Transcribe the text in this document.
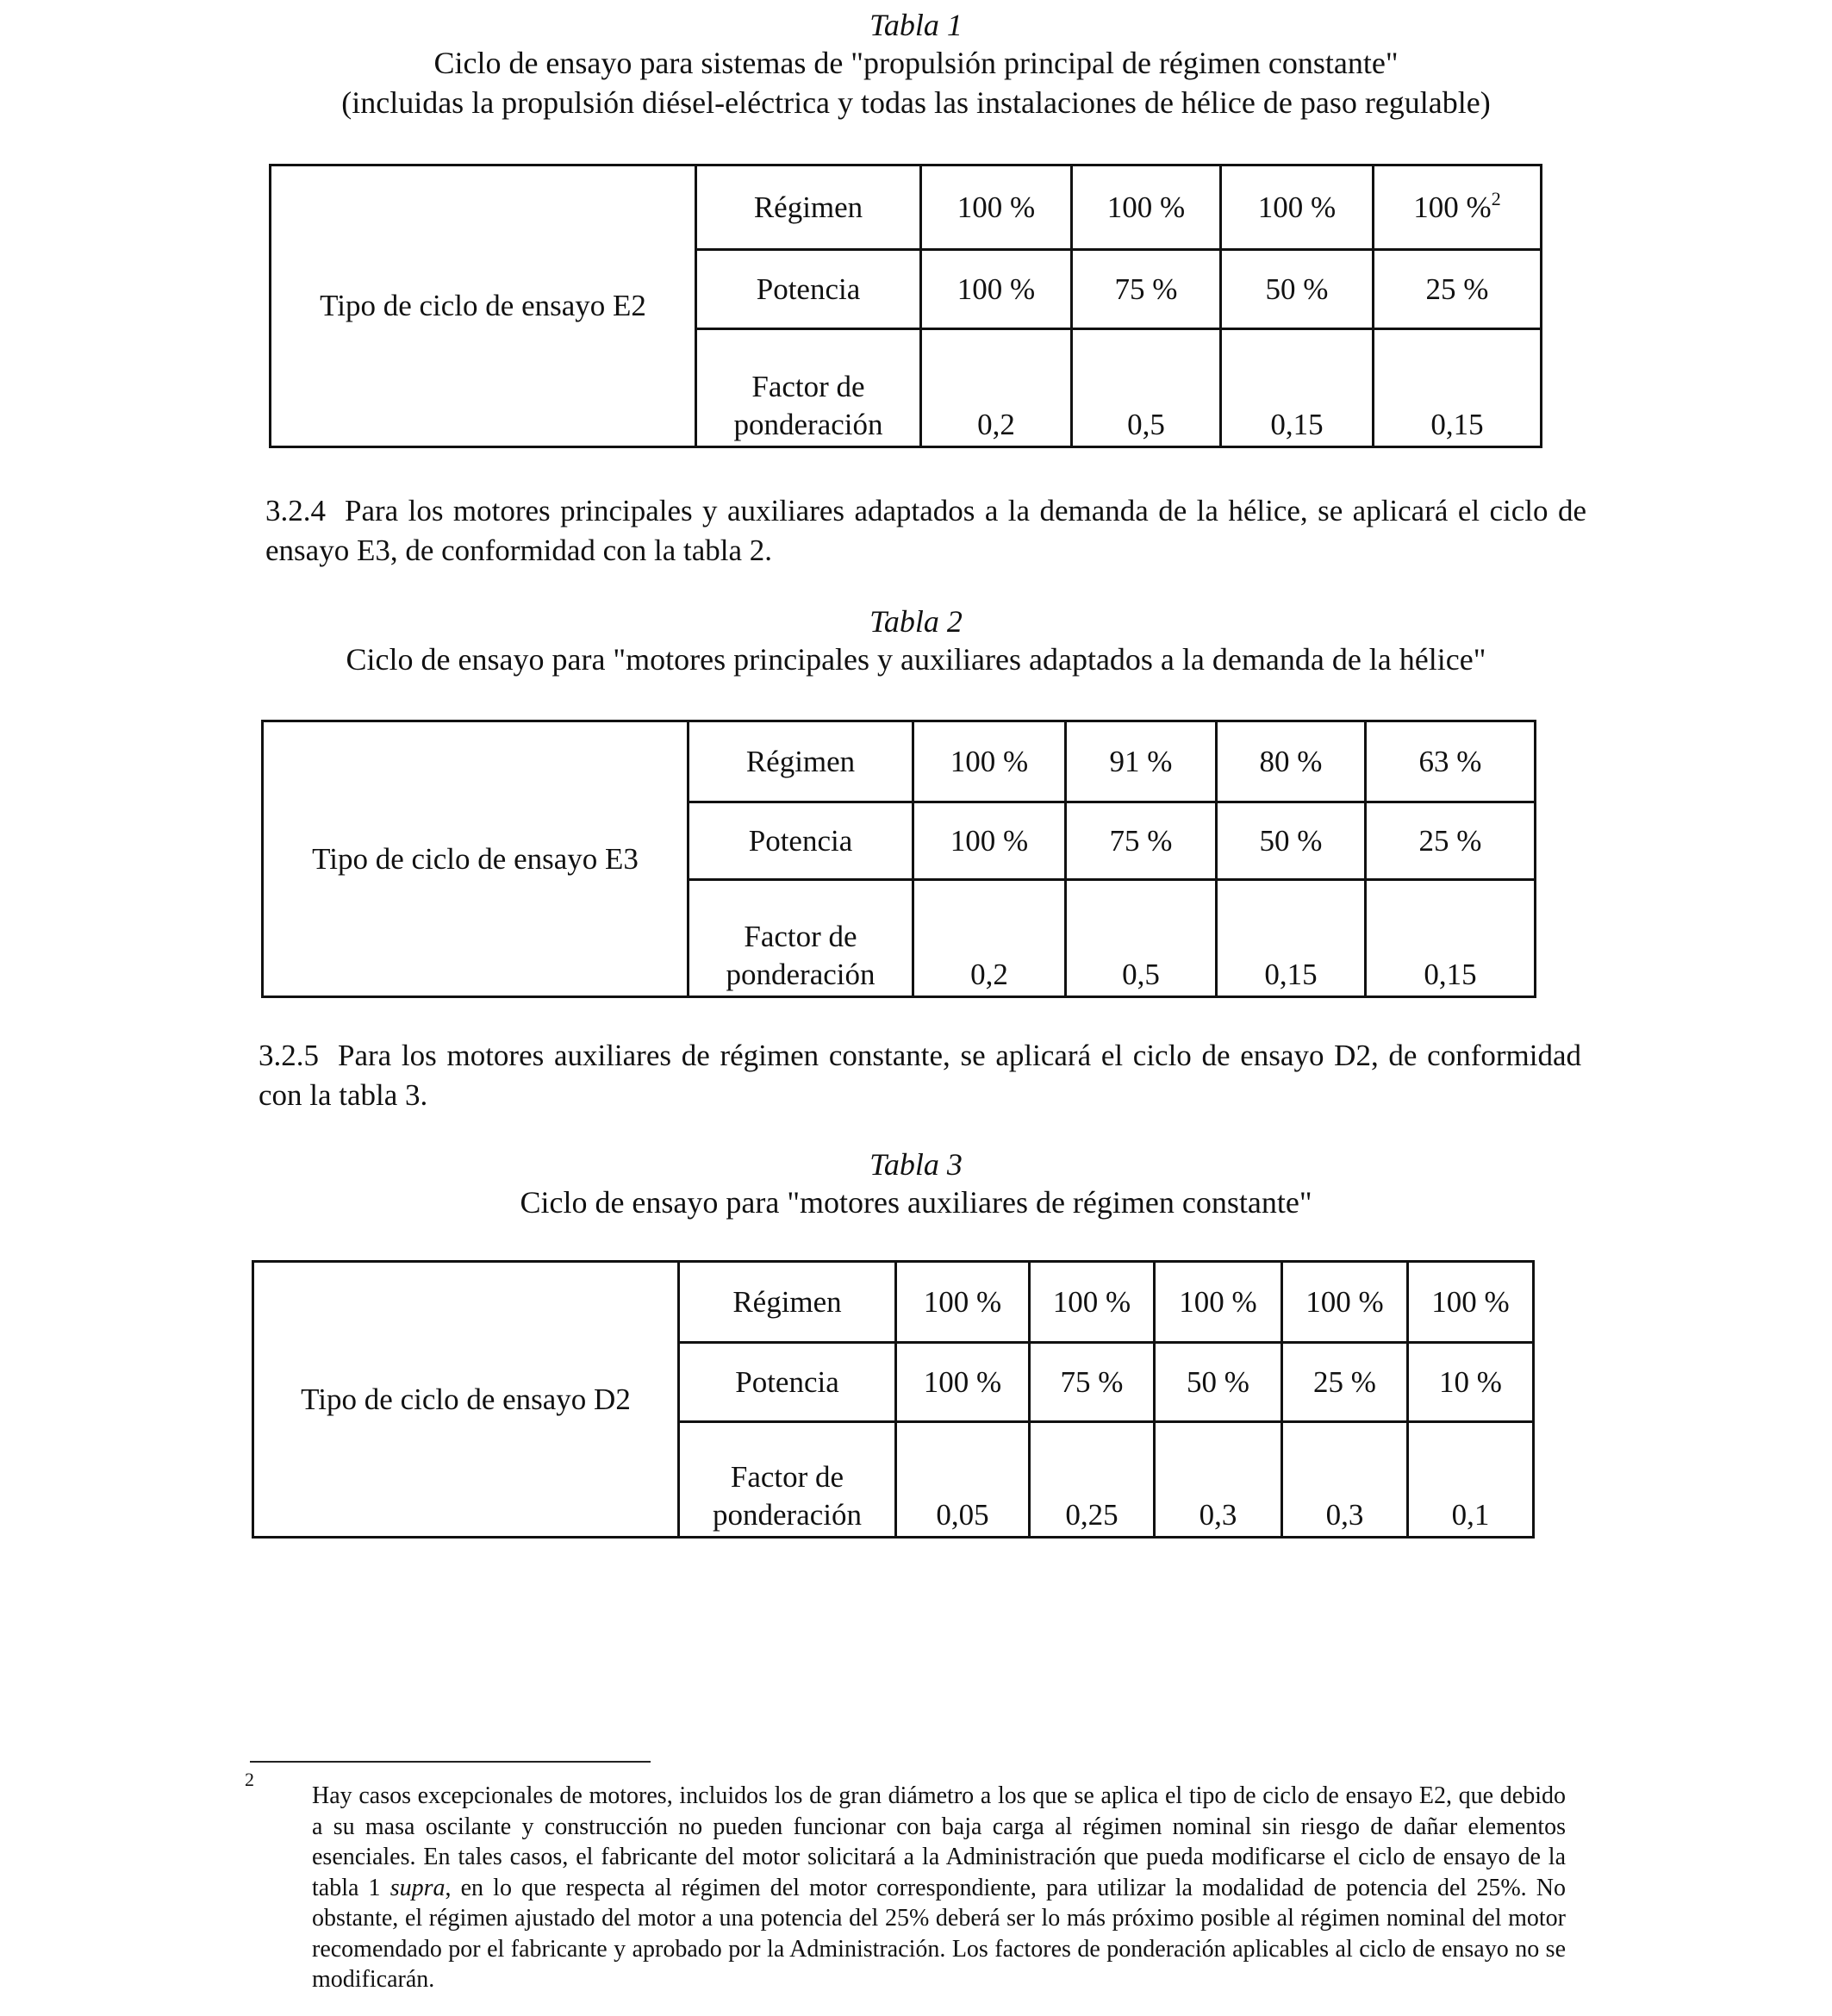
Tabla 1
Ciclo de ensayo para sistemas de "propulsión principal de régimen constante"
(incluidas la propulsión diésel-eléctrica y todas las instalaciones de hélice de paso regulable)
Tipo de ciclo de ensayo E2	Régimen	100 %	100 %	100 %	100 %$^2$
	Potencia	100 %	75 %	50 %	25 %

	Factor de
ponderación	0,2	0,5	0,15	0,15

3.2.4 Para los motores principales y auxiliares adaptados a la demanda de la hélice, se aplicará el ciclo de ensayo E3, de conformidad con la tabla 2.

Tabla 2
Ciclo de ensayo para "motores principales y auxiliares adaptados a la demanda de la hélice"
Tipo de ciclo de ensayo E3	Régimen	100 %	91 %	80 %	63 %
	Potencia	100 %	75 %	50 %	25 %

	Factor de
ponderación	0,2	0,5	0,15	0,15

3.2.5 Para los motores auxiliares de régimen constante, se aplicará el ciclo de ensayo D2, de conformidad con la tabla 3.

Tabla 3
Ciclo de ensayo para "motores auxiliares de régimen constante"
Tipo de ciclo de ensayo D2	Régimen	100 %	100 %	100 %	100 %	100 %
	Potencia	100 %	75 %	50 %	25 %	10 %

	Factor de
ponderación	0,05	0,25	0,3	0,3	0,1
2

Hay casos excepcionales de motores, incluidos los de gran diámetro a los que se aplica el tipo de ciclo de ensayo E2, que debido a su masa oscilante y construcción no pueden funcionar con baja carga al régimen nominal sin riesgo de dañar elementos esenciales. En tales casos, el fabricante del motor solicitará a la Administración que pueda modificarse el ciclo de ensayo de la tabla 1 supra, en lo que respecta al régimen del motor correspondiente, para utilizar la modalidad de potencia del 25%. No obstante, el régimen ajustado del motor a una potencia del 25% deberá ser lo más próximo posible al régimen nominal del motor recomendado por el fabricante y aprobado por la Administración. Los factores de ponderación aplicables al ciclo de ensayo no se modificarán.
